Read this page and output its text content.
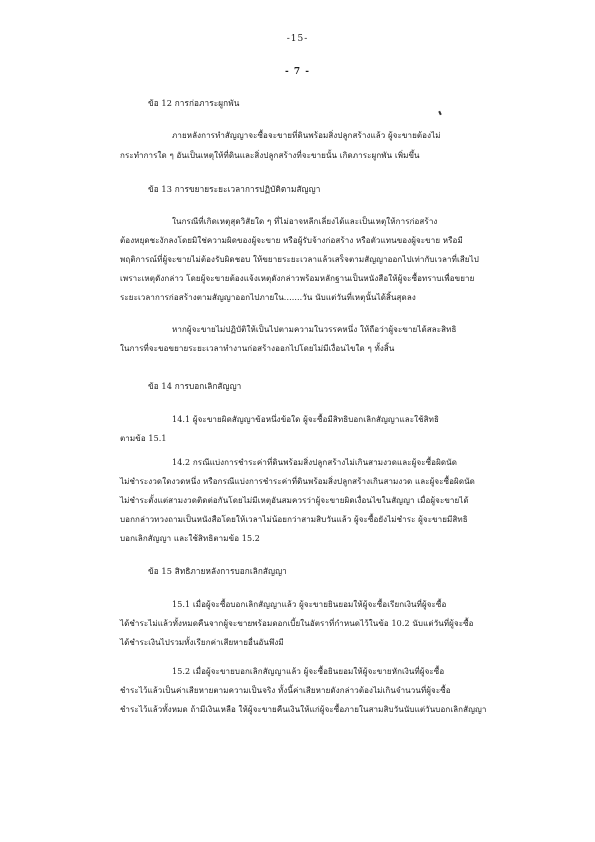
-15-
- 7 -
ข้อ 12 การก่อภาระผูกพัน
ภายหลังการทำสัญญาจะซื้อจะขายที่ดินพร้อมสิ่งปลูกสร้างแล้ว ผู้จะขายต้องไม่
กระทำการใด ๆ อันเป็นเหตุให้ที่ดินและสิ่งปลูกสร้างที่จะขายนั้น เกิดภาระผูกพัน เพิ่มขึ้น
ข้อ 13 การขยายระยะเวลาการปฏิบัติตามสัญญา
ในกรณีที่เกิดเหตุสุดวิสัยใด ๆ ที่ไม่อาจหลีกเลี่ยงได้และเป็นเหตุให้การก่อสร้าง
ต้องหยุดชะงักลงโดยมิใช่ความผิดของผู้จะขาย หรือผู้รับจ้างก่อสร้าง หรือตัวแทนของผู้จะขาย หรือมี
พฤติการณ์ที่ผู้จะขายไม่ต้องรับผิดชอบ ให้ขยายระยะเวลาแล้วเสร็จตามสัญญาออกไปเท่ากับเวลาที่เสียไป
เพราะเหตุดังกล่าว โดยผู้จะขายต้องแจ้งเหตุดังกล่าวพร้อมหลักฐานเป็นหนังสือให้ผู้จะซื้อทราบเพื่อขยาย
ระยะเวลาการก่อสร้างตามสัญญาออกไปภายใน.......วัน นับแต่วันที่เหตุนั้นได้สิ้นสุดลง
หากผู้จะขายไม่ปฏิบัติให้เป็นไปตามความในวรรคหนึ่ง ให้ถือว่าผู้จะขายได้สละสิทธิ
ในการที่จะขอขยายระยะเวลาทำงานก่อสร้างออกไปโดยไม่มีเงื่อนไขใด ๆ ทั้งสิ้น
ข้อ 14 การบอกเลิกสัญญา
14.1 ผู้จะขายผิดสัญญาข้อหนึ่งข้อใด ผู้จะซื้อมีสิทธิบอกเลิกสัญญาและใช้สิทธิ
ตามข้อ 15.1
14.2 กรณีแบ่งการชำระค่าที่ดินพร้อมสิ่งปลูกสร้างไม่เกินสามงวดและผู้จะซื้อผิดนัด
ไม่ชำระงวดใดงวดหนึ่ง หรือกรณีแบ่งการชำระค่าที่ดินพร้อมสิ่งปลูกสร้างเกินสามงวด และผู้จะซื้อผิดนัด
ไม่ชำระตั้งแต่สามงวดติดต่อกันโดยไม่มีเหตุอันสมควรว่าผู้จะขายผิดเงื่อนไขในสัญญา เมื่อผู้จะขายได้
บอกกล่าวทวงถามเป็นหนังสือโดยให้เวลาไม่น้อยกว่าสามสิบวันแล้ว ผู้จะซื้อยังไม่ชำระ ผู้จะขายมีสิทธิ
บอกเลิกสัญญา และใช้สิทธิตามข้อ 15.2
ข้อ 15 สิทธิภายหลังการบอกเลิกสัญญา
15.1 เมื่อผู้จะซื้อบอกเลิกสัญญาแล้ว ผู้จะขายยินยอมให้ผู้จะซื้อเรียกเงินที่ผู้จะซื้อ
ได้ชำระไม่แล้วทั้งหมดคืนจากผู้จะขายพร้อมดอกเบี้ยในอัตราที่กำหนดไว้ในข้อ 10.2 นับแต่วันที่ผู้จะซื้อ
ได้ชำระเงินไปรวมทั้งเรียกค่าเสียหายอื่นอันพึงมี
15.2 เมื่อผู้จะขายบอกเลิกสัญญาแล้ว ผู้จะซื้อยินยอมให้ผู้จะขายหักเงินที่ผู้จะซื้อ
ชำระไว้แล้วเป็นค่าเสียหายตามความเป็นจริง ทั้งนี้ค่าเสียหายดังกล่าวต้องไม่เกินจำนวนที่ผู้จะซื้อ
ชำระไว้แล้วทั้งหมด ถ้ามีเงินเหลือ ให้ผู้จะขายคืนเงินให้แก่ผู้จะซื้อภายในสามสิบวันนับแต่วันบอกเลิกสัญญา
